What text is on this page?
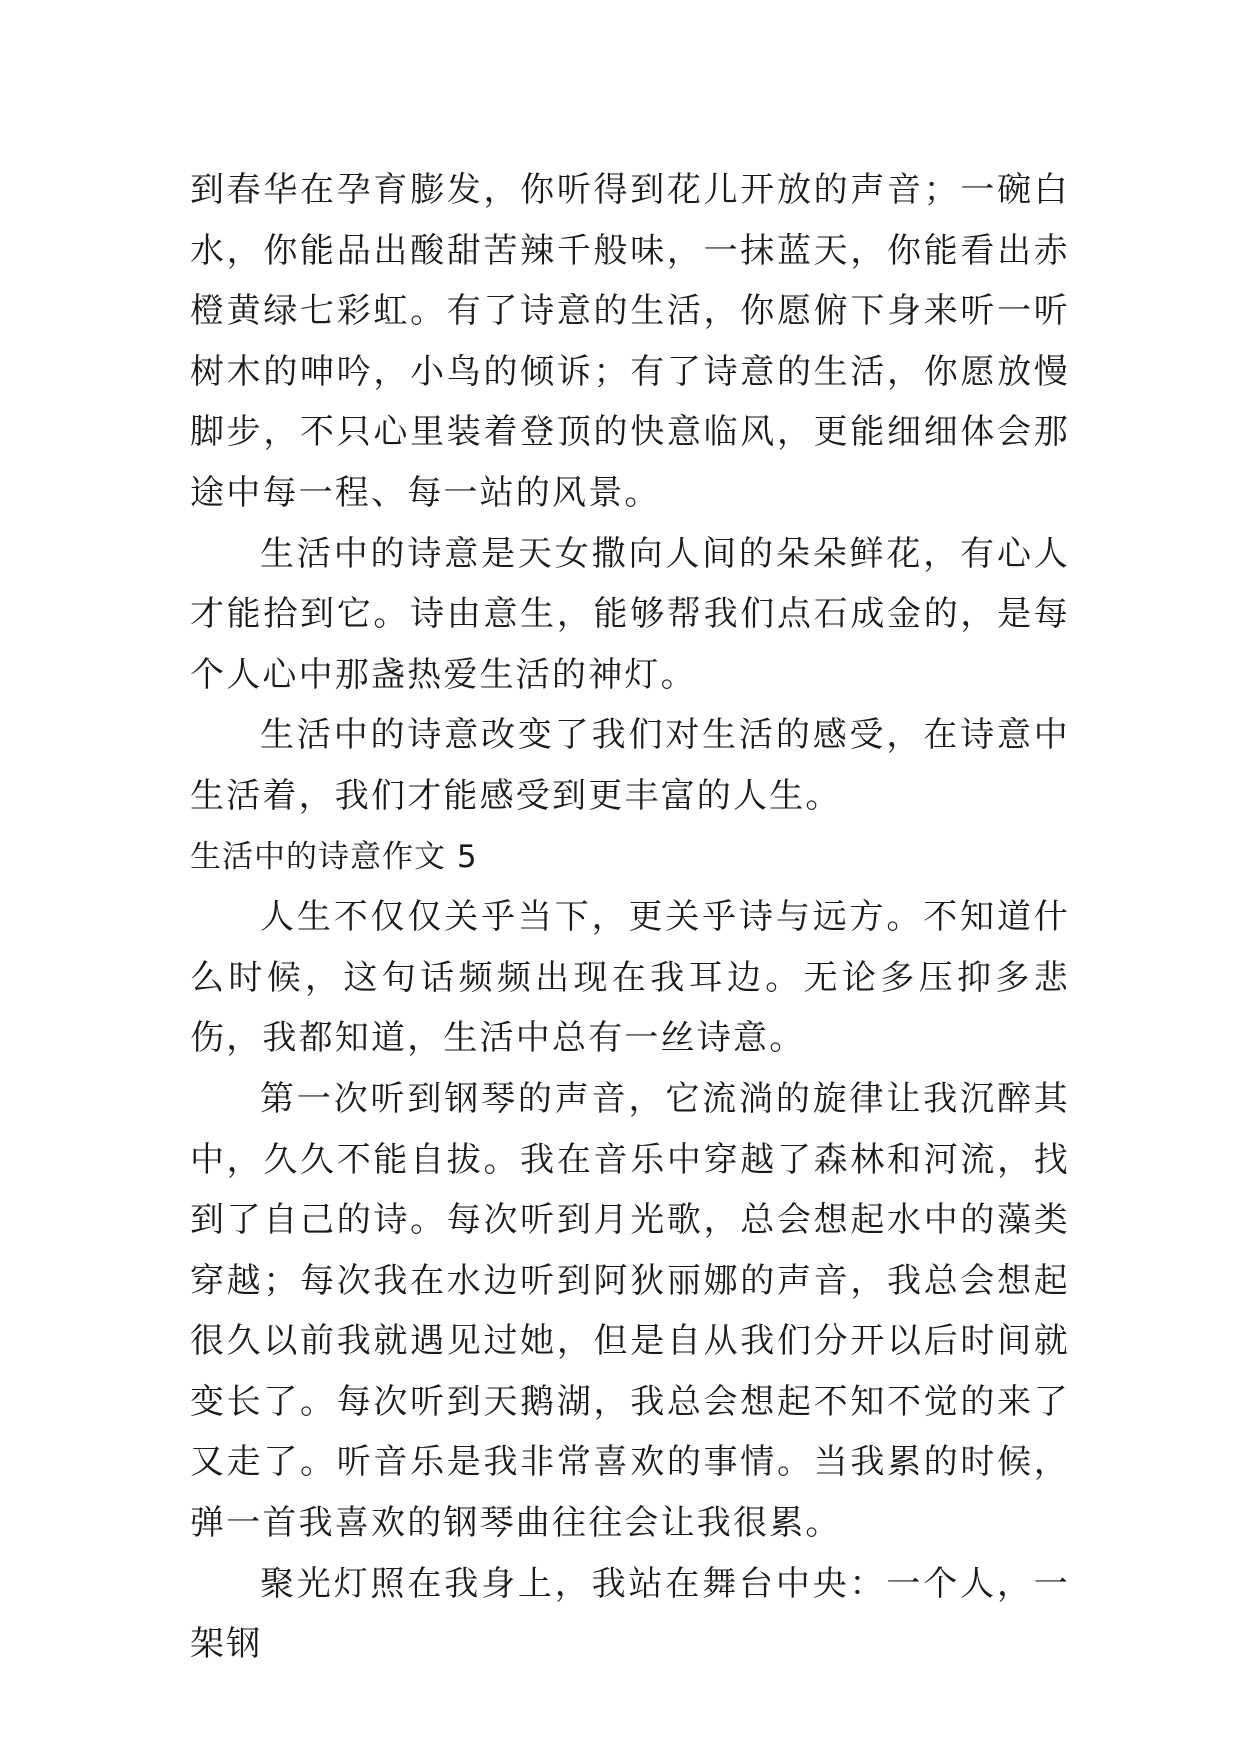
到春华在孕育膨发，你听得到花儿开放的声音；一碗白水，你能品出酸甜苦辣千般味，一抹蓝天，你能看出赤橙黄绿七彩虹。有了诗意的生活，你愿俯下身来听一听树木的呻吟，小鸟的倾诉；有了诗意的生活，你愿放慢脚步，不只心里装着登顶的快意临风，更能细细体会那途中每一程、每一站的风景。

生活中的诗意是天女撒向人间的朵朵鲜花，有心人才能拾到它。诗由意生，能够帮我们点石成金的，是每个人心中那盏热爱生活的神灯。

生活中的诗意改变了我们对生活的感受，在诗意中生活着，我们才能感受到更丰富的人生。

生活中的诗意作文 5

人生不仅仅关乎当下，更关乎诗与远方。不知道什么时候，这句话频频出现在我耳边。无论多压抑多悲伤，我都知道，生活中总有一丝诗意。

第一次听到钢琴的声音，它流淌的旋律让我沉醉其中，久久不能自拔。我在音乐中穿越了森林和河流，找到了自己的诗。每次听到月光歌，总会想起水中的藻类穿越；每次我在水边听到阿狄丽娜的声音，我总会想起很久以前我就遇见过她，但是自从我们分开以后时间就变长了。每次听到天鹅湖，我总会想起不知不觉的来了又走了。听音乐是我非常喜欢的事情。当我累的时候，弹一首我喜欢的钢琴曲往往会让我很累。

聚光灯照在我身上，我站在舞台中央：一个人，一架钢
